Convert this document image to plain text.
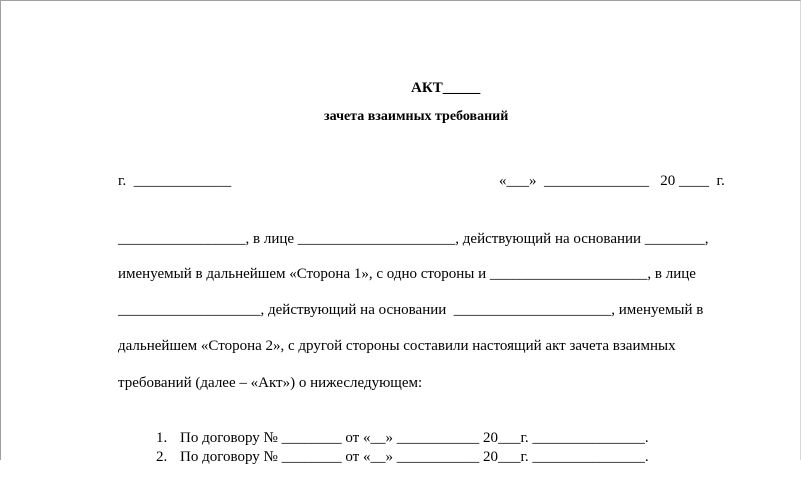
АКТ_____
зачета взаимных требований
г.  _____________	«___»  ______________   20 ____  г.
_________________, в лице _____________________, действующий на основании ________,
именуемый в дальнейшем «Сторона 1», с одно стороны и _____________________, в лице
___________________, действующий на основании  _____________________, именуемый в
дальнейшем «Сторона 2», с другой стороны составили настоящий акт зачета взаимных
требований (далее – «Акт») о нижеследующем:

1. По договору № ________ от «__» ___________ 20___г. _______________.

2. По договору № ________ от «__» ___________ 20___г. _______________.
